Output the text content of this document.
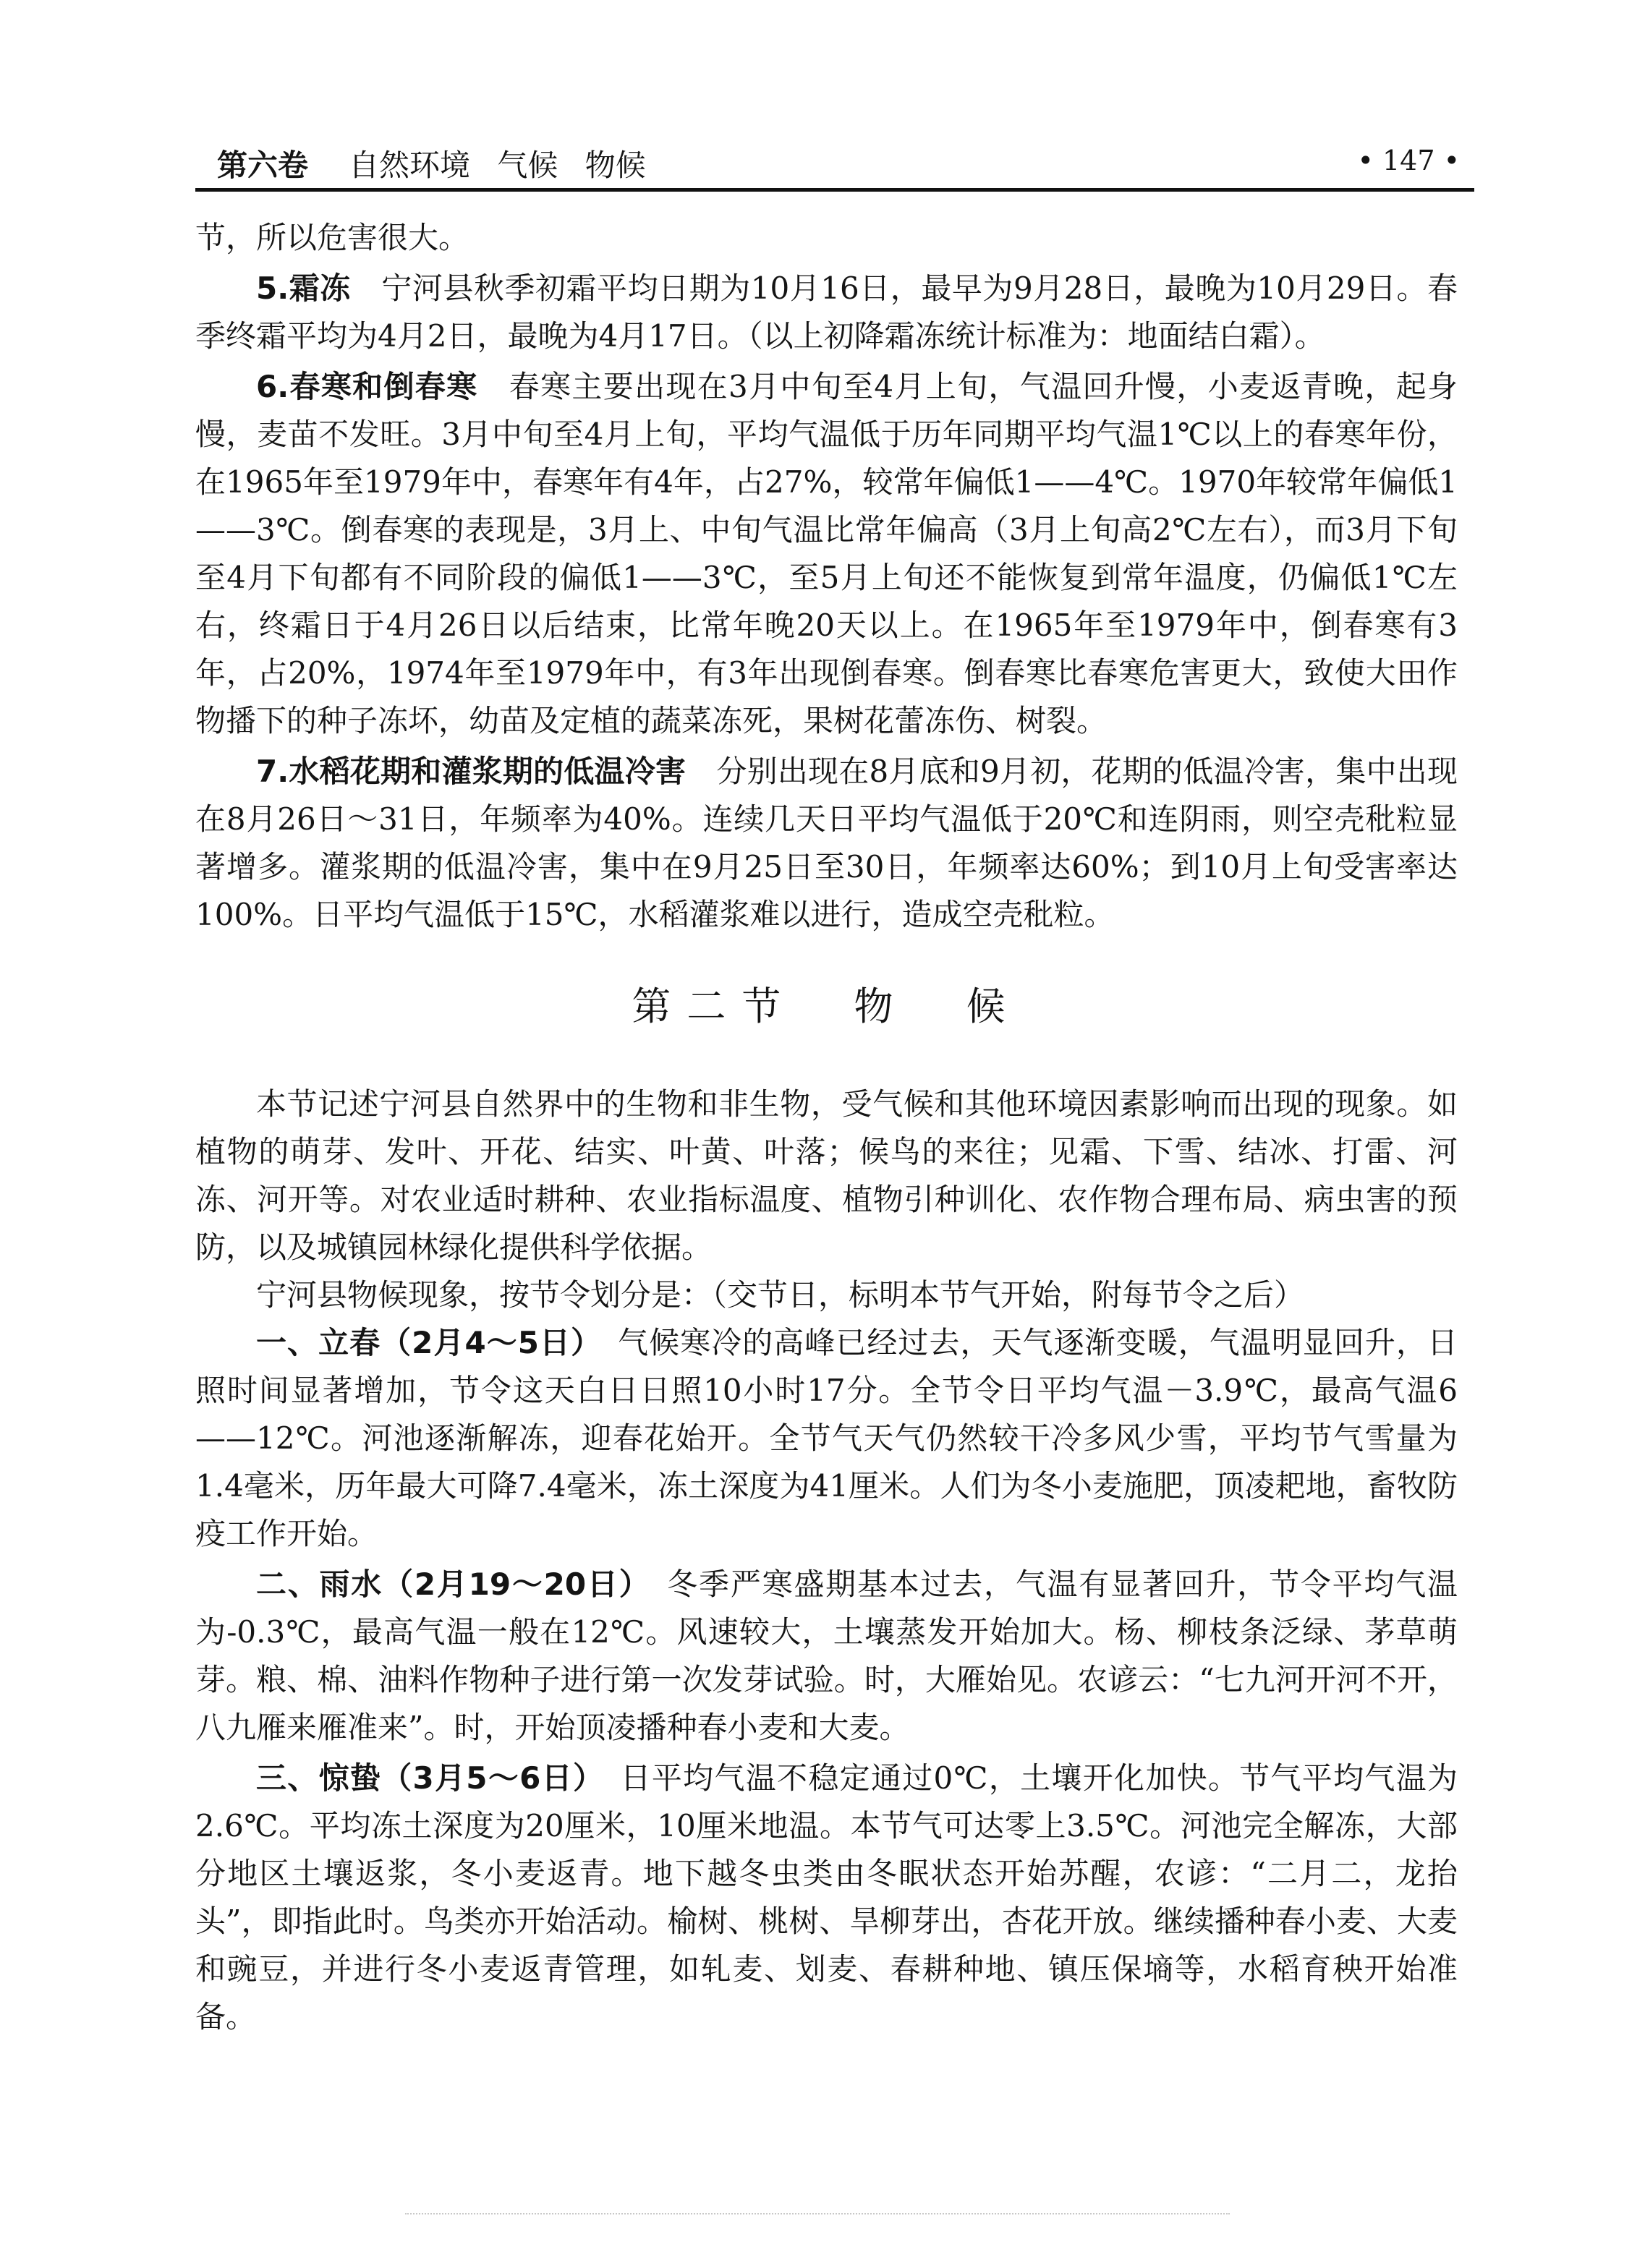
第六卷 自然环境 气候 物候	• 147 •

节，所以危害很大。

5.霜冻　 宁河县秋季初霜平均日期为10月16日，最早为9月28日，最晚为10月29日。春季终霜平均为4月2日，最晚为4月17日。（以上初降霜冻统计标准为：地面结白霜）。

6.春寒和倒春寒　 春寒主要出现在3月中旬至4月上旬，气温回升慢，小麦返青晚，起身慢，麦苗不发旺。3月中旬至4月上旬，平均气温低于历年同期平均气温1℃以上的春寒年份，在1965年至1979年中，春寒年有4年，占27%，较常年偏低1——4℃。1970年较常年偏低1——3℃。倒春寒的表现是，3月上、中旬气温比常年偏高（3月上旬高2℃左右），而3月下旬至4月下旬都有不同阶段的偏低1——3℃，至5月上旬还不能恢复到常年温度，仍偏低1℃左右，终霜日于4月26日以后结束，比常年晚20天以上。在1965年至1979年中，倒春寒有3年，占20%，1974年至1979年中，有3年出现倒春寒。倒春寒比春寒危害更大，致使大田作物播下的种子冻坏，幼苗及定植的蔬菜冻死，果树花蕾冻伤、树裂。

7.水稻花期和灌浆期的低温冷害　 分别出现在8月底和9月初，花期的低温冷害，集中出现在8月26日～31日，年频率为40%。连续几天日平均气温低于20℃和连阴雨，则空壳秕粒显著增多。灌浆期的低温冷害，集中在9月25日至30日，年频率达60%；到10月上旬受害率达100%。日平均气温低于15℃，水稻灌浆难以进行，造成空壳秕粒。

第二节 物 候

本节记述宁河县自然界中的生物和非生物，受气候和其他环境因素影响而出现的现象。如植物的萌芽、发叶、开花、结实、叶黄、叶落；候鸟的来往；见霜、下雪、结冰、打雷、河冻、河开等。对农业适时耕种、农业指标温度、植物引种训化、农作物合理布局、病虫害的预防，以及城镇园林绿化提供科学依据。

宁河县物候现象，按节令划分是：（交节日，标明本节气开始，附每节令之后）

一、立春（2月4～5日）　 气候寒冷的高峰已经过去，天气逐渐变暖，气温明显回升，日照时间显著增加，节令这天白日日照10小时17分。全节令日平均气温－3.9℃，最高气温6——12℃。河池逐渐解冻，迎春花始开。全节气天气仍然较干冷多风少雪，平均节气雪量为1.4毫米，历年最大可降7.4毫米，冻土深度为41厘米。人们为冬小麦施肥，顶凌耙地，畜牧防疫工作开始。

二、雨水（2月19～20日）　 冬季严寒盛期基本过去，气温有显著回升，节令平均气温为-0.3℃，最高气温一般在12℃。风速较大，土壤蒸发开始加大。杨、柳枝条泛绿、茅草萌芽。粮、棉、油料作物种子进行第一次发芽试验。时，大雁始见。农谚云：“七九河开河不开，八九雁来雁准来”。时，开始顶凌播种春小麦和大麦。

三、惊蛰（3月5～6日）　 日平均气温不稳定通过0℃，土壤开化加快。节气平均气温为2.6℃。平均冻土深度为20厘米，10厘米地温。本节气可达零上3.5℃。河池完全解冻，大部分地区土壤返浆，冬小麦返青。地下越冬虫类由冬眠状态开始苏醒，农谚：“二月二，龙抬头”，即指此时。鸟类亦开始活动。榆树、桃树、旱柳芽出，杏花开放。继续播种春小麦、大麦和豌豆，并进行冬小麦返青管理，如轧麦、划麦、春耕种地、镇压保墒等，水稻育秧开始准备。
